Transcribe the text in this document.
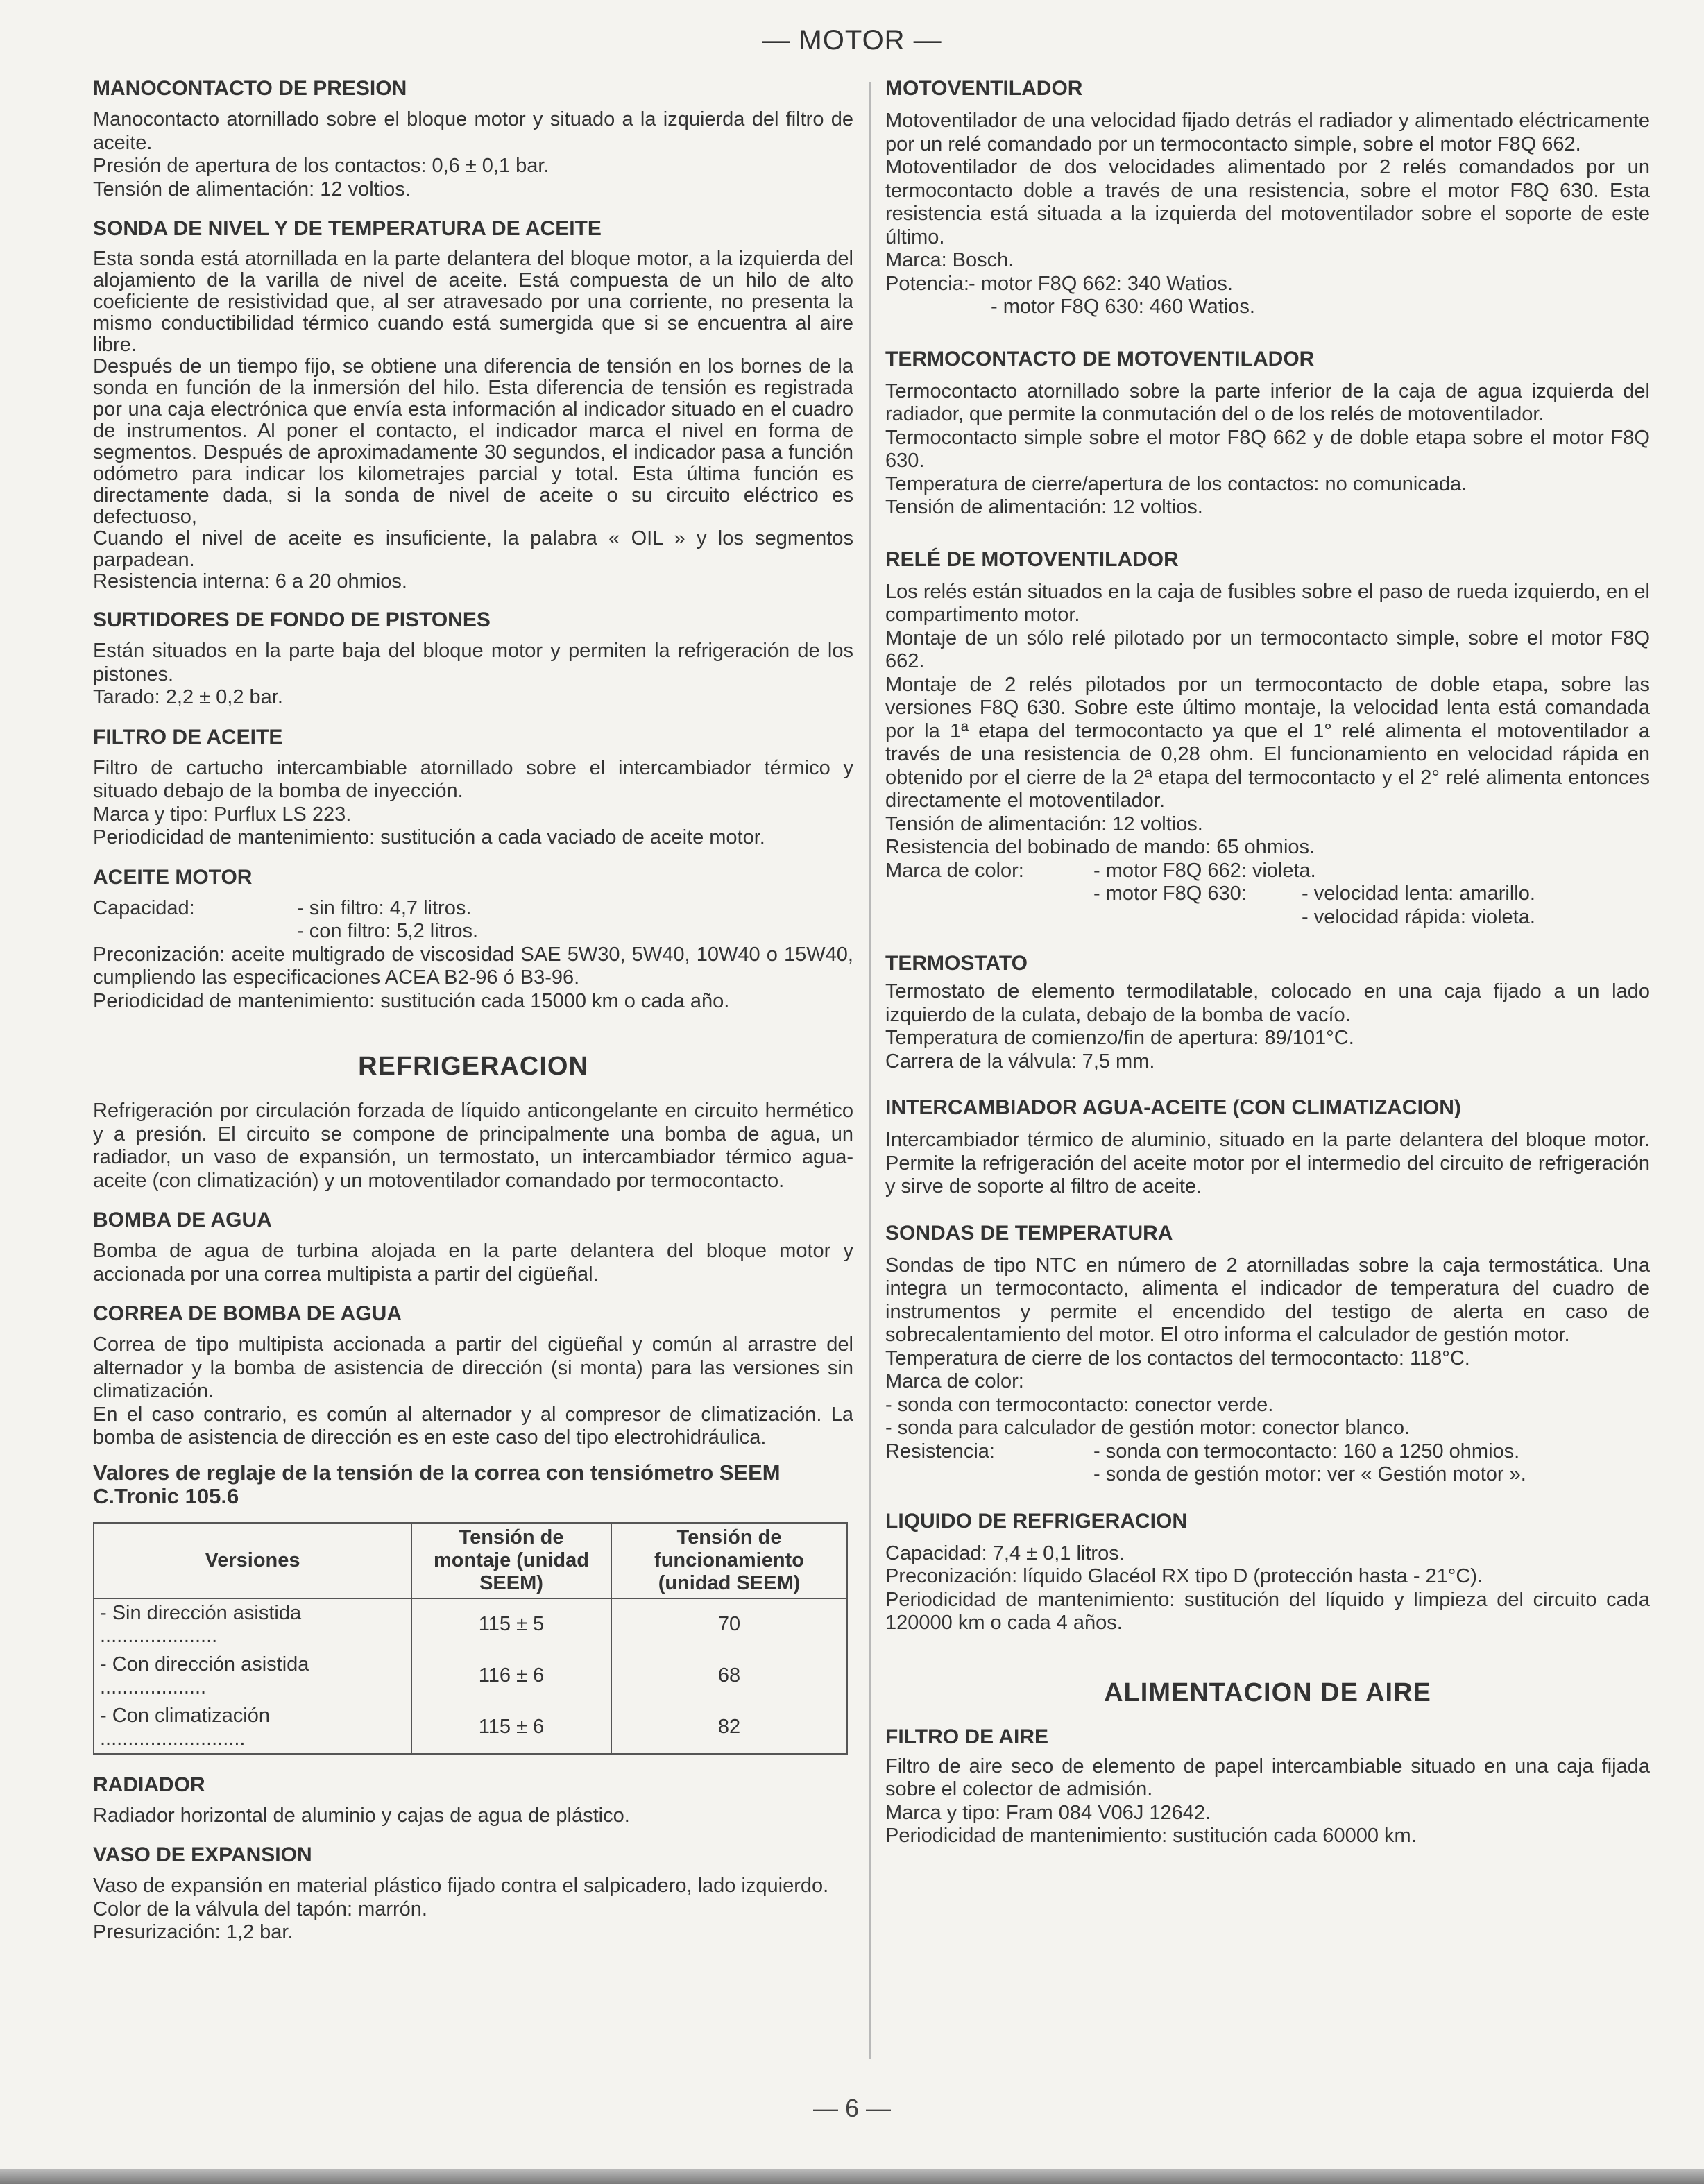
— MOTOR —
MANOCONTACTO DE PRESION

Manocontacto atornillado sobre el bloque motor y situado a la izquierda del filtro de aceite.

Presión de apertura de los contactos: 0,6 ± 0,1 bar.

Tensión de alimentación: 12 voltios.

SONDA DE NIVEL Y DE TEMPERATURA DE ACEITE

Esta sonda está atornillada en la parte delantera del bloque motor, a la izquierda del alojamiento de la varilla de nivel de aceite. Está compuesta de un hilo de alto coeficiente de resistividad que, al ser atravesado por una corriente, no presenta la mismo conductibilidad térmico cuando está sumergida que si se encuentra al aire libre.

Después de un tiempo fijo, se obtiene una diferencia de tensión en los bornes de la sonda en función de la inmersión del hilo. Esta diferencia de tensión es registrada por una caja electrónica que envía esta información al indicador situado en el cuadro de instrumentos. Al poner el contacto, el indicador marca el nivel en forma de segmentos. Después de aproximadamente 30 segundos, el indicador pasa a función odómetro para indicar los kilometrajes parcial y total. Esta última función es directamente dada, si la sonda de nivel de aceite o su circuito eléctrico es defectuoso,

Cuando el nivel de aceite es insuficiente, la palabra « OIL » y los segmentos parpadean.

Resistencia interna: 6 a 20 ohmios.

SURTIDORES DE FONDO DE PISTONES

Están situados en la parte baja del bloque motor y permiten la refrigeración de los pistones.

Tarado: 2,2 ± 0,2 bar.

FILTRO DE ACEITE

Filtro de cartucho intercambiable atornillado sobre el intercambiador térmico y situado debajo de la bomba de inyección.

Marca y tipo: Purflux LS 223.

Periodicidad de mantenimiento: sustitución a cada vaciado de aceite motor.

ACEITE MOTOR
Capacidad:	- sin filtro: 4,7 litros.
- con filtro: 5,2 litros.

Preconización: aceite multigrado de viscosidad SAE 5W30, 5W40, 10W40 o 15W40, cumpliendo las especificaciones ACEA B2-96 ó B3-96.

Periodicidad de mantenimiento: sustitución cada 15000 km o cada año.

REFRIGERACION

Refrigeración por circulación forzada de líquido anticongelante en circuito hermético y a presión. El circuito se compone de principalmente una bomba de agua, un radiador, un vaso de expansión, un termostato, un intercambiador térmico agua-aceite (con climatización) y un motoventilador comandado por termocontacto.

BOMBA DE AGUA

Bomba de agua de turbina alojada en la parte delantera del bloque motor y accionada por una correa multipista a partir del cigüeñal.

CORREA DE BOMBA DE AGUA

Correa de tipo multipista accionada a partir del cigüeñal y común al arrastre del alternador y la bomba de asistencia de dirección (si monta) para las versiones sin climatización.

En el caso contrario, es común al alternador y al compresor de climatización. La bomba de asistencia de dirección es en este caso del tipo electrohidráulica.

Valores de reglaje de la tensión de la correa con tensiómetro SEEM C.Tronic 105.6
Versiones	Tensión de montaje (unidad SEEM)	Tensión de funcionamiento (unidad SEEM)
- Sin dirección asistida .....................	115 ± 5	70
- Con dirección asistida ...................	116 ± 6	68
- Con climatización ..........................	115 ± 6	82
RADIADOR

Radiador horizontal de aluminio y cajas de agua de plástico.

VASO DE EXPANSION

Vaso de expansión en material plástico fijado contra el salpicadero, lado izquierdo.

Color de la válvula del tapón: marrón.

Presurización: 1,2 bar.

MOTOVENTILADOR

Motoventilador de una velocidad fijado detrás el radiador y alimentado eléctricamente por un relé comandado por un termocontacto simple, sobre el motor F8Q 662.

Motoventilador de dos velocidades alimentado por 2 relés comandados por un termocontacto doble a través de una resistencia, sobre el motor F8Q 630. Esta resistencia está situada a la izquierda del motoventilador sobre el soporte de este último.

Marca: Bosch.

Potencia: - motor F8Q 662: 340 Watios.
- motor F8Q 630: 460 Watios.
TERMOCONTACTO DE MOTOVENTILADOR

Termocontacto atornillado sobre la parte inferior de la caja de agua izquierda del radiador, que permite la conmutación del o de los relés de motoventilador.

Termocontacto simple sobre el motor F8Q 662 y de doble etapa sobre el motor F8Q 630.

Temperatura de cierre/apertura de los contactos: no comunicada.

Tensión de alimentación: 12 voltios.

RELÉ DE MOTOVENTILADOR

Los relés están situados en la caja de fusibles sobre el paso de rueda izquierdo, en el compartimento motor.

Montaje de un sólo relé pilotado por un termocontacto simple, sobre el motor F8Q 662.

Montaje de 2 relés pilotados por un termocontacto de doble etapa, sobre las versiones F8Q 630. Sobre este último montaje, la velocidad lenta está comandada por la 1ª etapa del termocontacto ya que el 1° relé alimenta el motoventilador a través de una resistencia de 0,28 ohm. El funcionamiento en velocidad rápida en obtenido por el cierre de la 2ª etapa del termocontacto y el 2° relé alimenta entonces directamente el motoventilador.

Tensión de alimentación: 12 voltios.

Resistencia del bobinado de mando: 65 ohmios.

Marca de color:	- motor F8Q 662: violeta.
- motor F8Q 630:	- velocidad lenta: amarillo.
- velocidad rápida: violeta.
TERMOSTATO

Termostato de elemento termodilatable, colocado en una caja fijado a un lado izquierdo de la culata, debajo de la bomba de vacío.

Temperatura de comienzo/fin de apertura: 89/101°C.

Carrera de la válvula: 7,5 mm.

INTERCAMBIADOR AGUA-ACEITE (CON CLIMATIZACION)

Intercambiador térmico de aluminio, situado en la parte delantera del bloque motor. Permite la refrigeración del aceite motor por el intermedio del circuito de refrigeración y sirve de soporte al filtro de aceite.

SONDAS DE TEMPERATURA

Sondas de tipo NTC en número de 2 atornilladas sobre la caja termostática. Una integra un termocontacto, alimenta el indicador de temperatura del cuadro de instrumentos y permite el encendido del testigo de alerta en caso de sobrecalentamiento del motor. El otro informa el calculador de gestión motor.

Temperatura de cierre de los contactos del termocontacto: 118°C.

Marca de color:

- sonda con termocontacto: conector verde.

- sonda para calculador de gestión motor: conector blanco.

Resistencia:	- sonda con termocontacto: 160 a 1250 ohmios.
- sonda de gestión motor: ver « Gestión motor ».
LIQUIDO DE REFRIGERACION

Capacidad: 7,4 ± 0,1 litros.

Preconización: líquido Glacéol RX tipo D (protección hasta - 21°C).

Periodicidad de mantenimiento: sustitución del líquido y limpieza del circuito cada 120000 km o cada 4 años.

ALIMENTACION DE AIRE
FILTRO DE AIRE

Filtro de aire seco de elemento de papel intercambiable situado en una caja fijada sobre el colector de admisión.

Marca y tipo: Fram 084 V06J 12642.

Periodicidad de mantenimiento: sustitución cada 60000 km.

— 6 —
